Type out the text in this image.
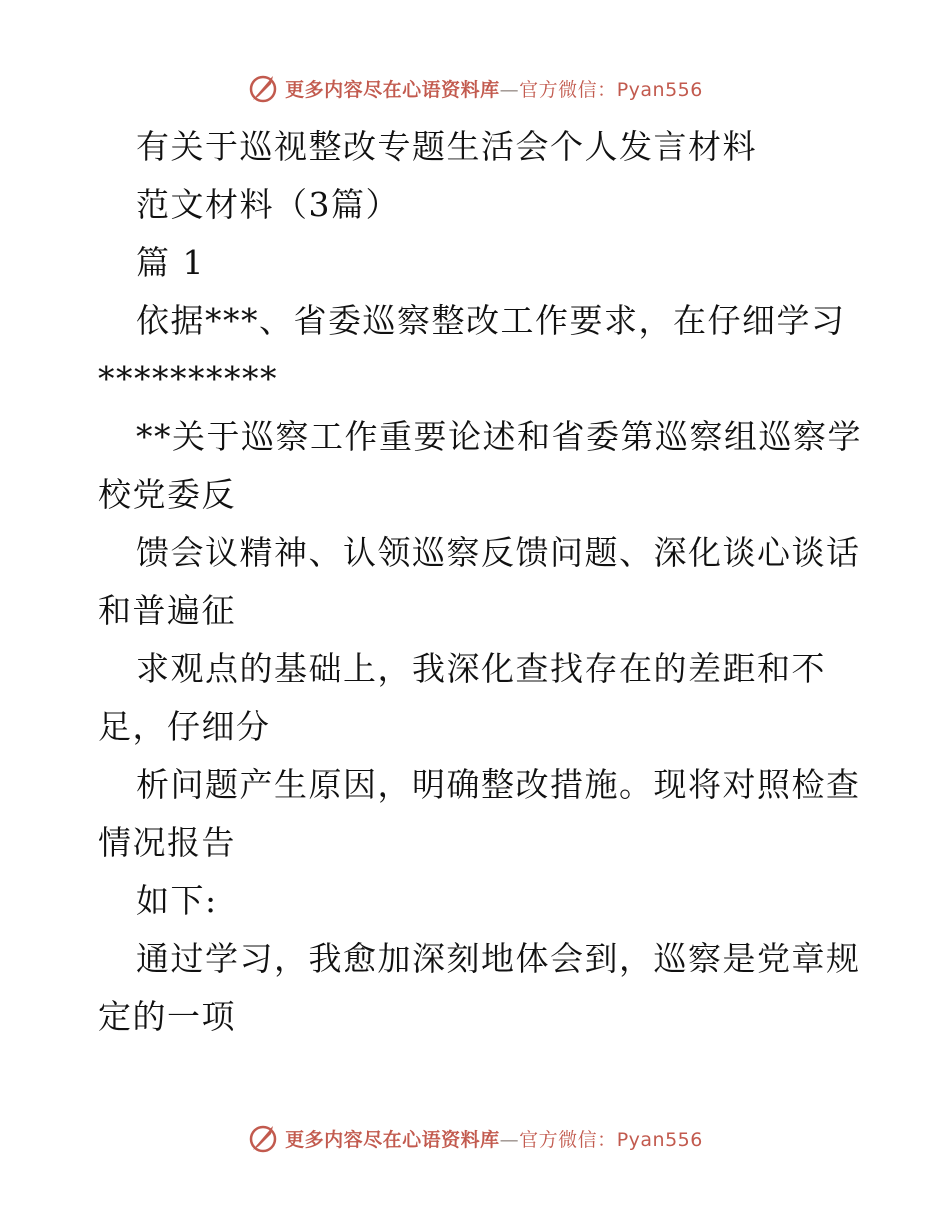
更多内容尽在心语资料库—官方微信：Pyan556
有关于巡视整改专题生活会个人发言材料
范文材料（3篇）
篇 1
依据***、省委巡察整改工作要求，在仔细学习
**********
**关于巡察工作重要论述和省委第巡察组巡察学
校党委反
馈会议精神、认领巡察反馈问题、深化谈心谈话
和普遍征
求观点的基础上，我深化查找存在的差距和不
足，仔细分
析问题产生原因，明确整改措施。现将对照检查
情况报告
如下:
通过学习，我愈加深刻地体会到，巡察是党章规
定的一项
更多内容尽在心语资料库—官方微信：Pyan556
